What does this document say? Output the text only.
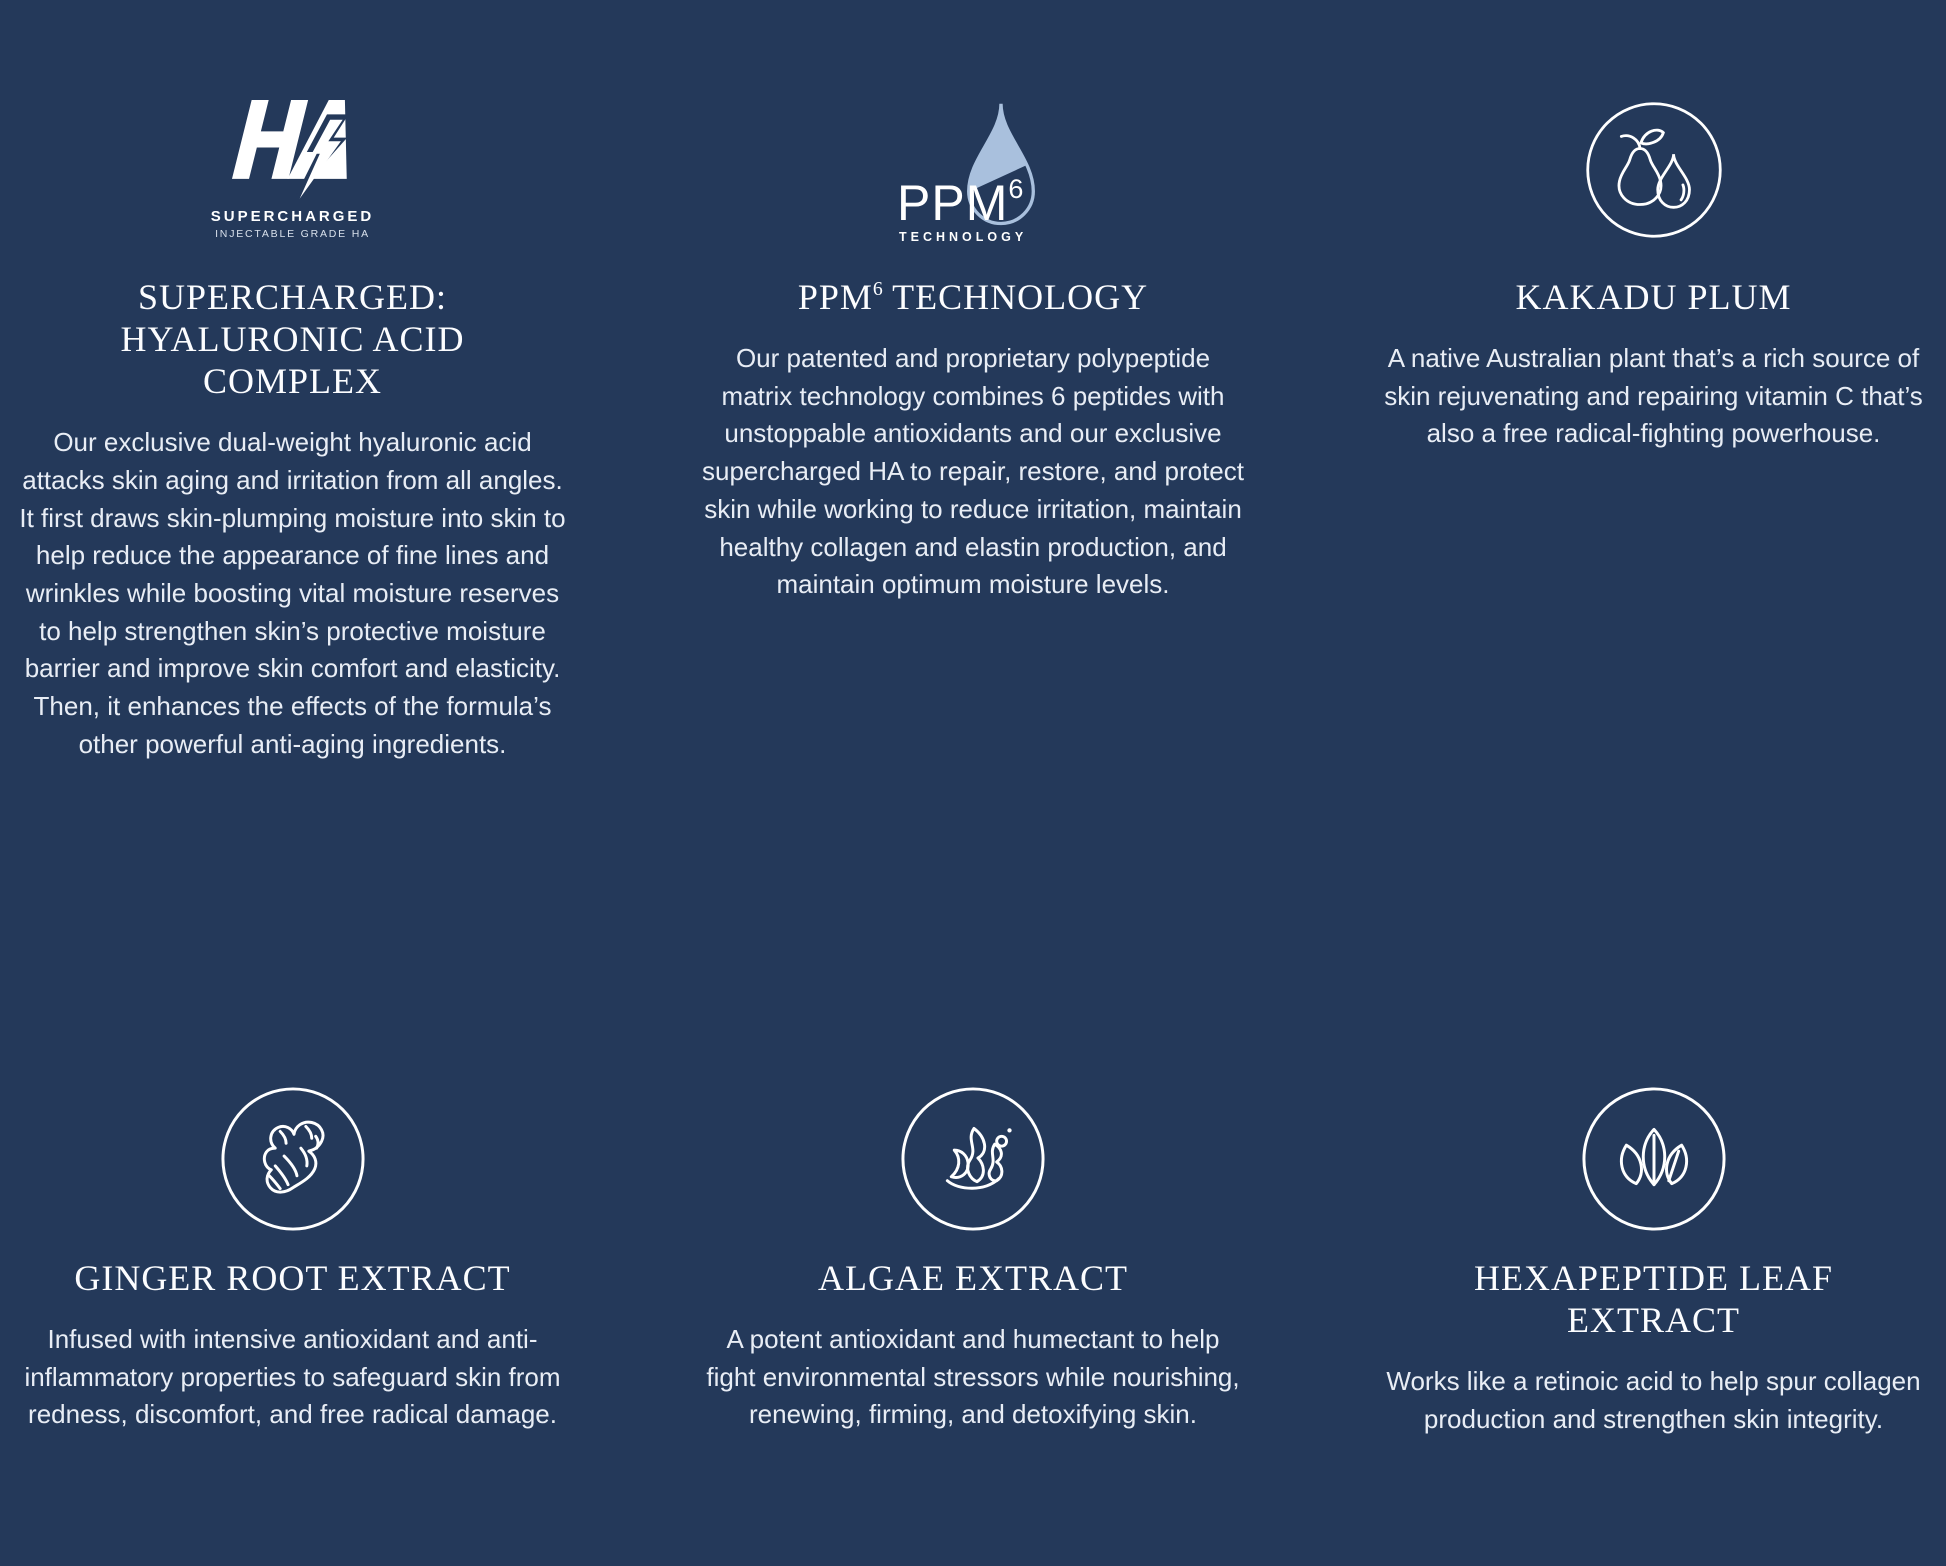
SUPERCHARGED
INJECTABLE GRADE HA
SUPERCHARGED: HYALURONIC ACID COMPLEX

Our exclusive dual-weight hyaluronic acid attacks skin aging and irritation from all angles. It first draws skin-plumping moisture into skin to help reduce the appearance of fine lines and wrinkles while boosting vital moisture reserves to help strengthen skin’s protective moisture barrier and improve skin comfort and elasticity. Then, it enhances the effects of the formula’s other powerful anti-aging ingredients.

PPM$^6$
TECHNOLOGY
PPM$^6$ TECHNOLOGY

Our patented and proprietary polypeptide matrix technology combines 6 peptides with unstoppable antioxidants and our exclusive supercharged HA to repair, restore, and protect skin while working to reduce irritation, maintain healthy collagen and elastin production, and maintain optimum moisture levels.

KAKADU PLUM

A native Australian plant that’s a rich source of skin rejuvenating and repairing vitamin C that’s also a free radical-fighting powerhouse.

GINGER ROOT EXTRACT

Infused with intensive antioxidant and anti-inflammatory properties to safeguard skin from redness, discomfort, and free radical damage.

ALGAE EXTRACT

A potent antioxidant and humectant to help fight environmental stressors while nourishing, renewing, firming, and detoxifying skin.

HEXAPEPTIDE LEAF EXTRACT

Works like a retinoic acid to help spur collagen production and strengthen skin integrity.
